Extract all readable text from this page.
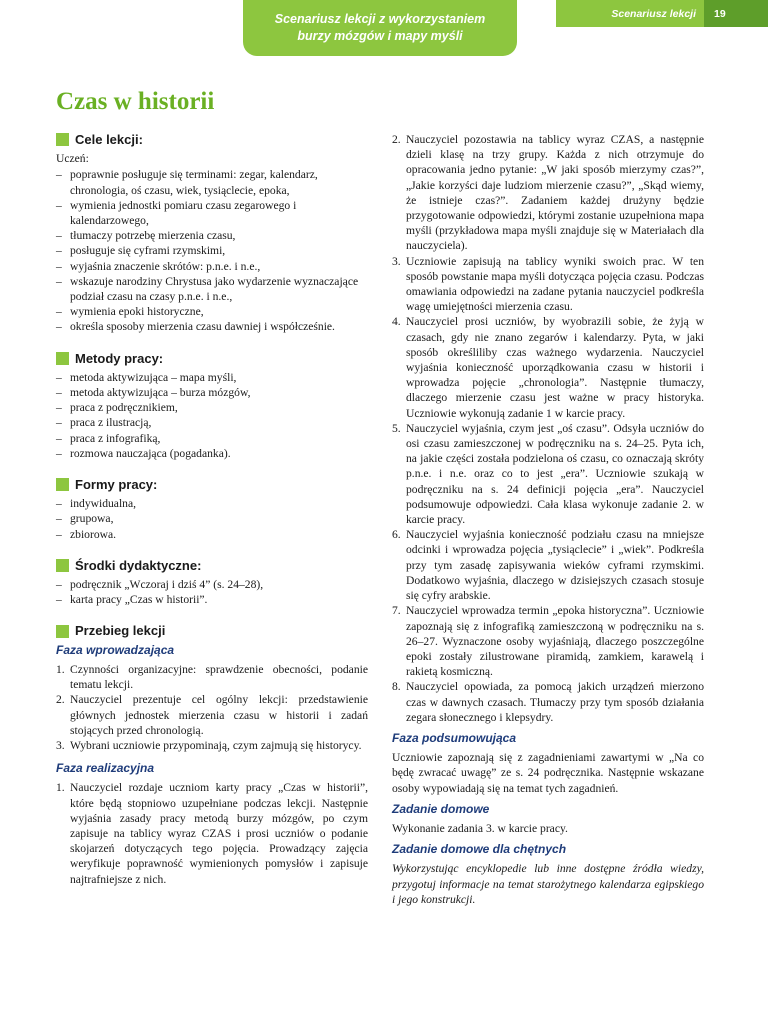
Scenariusz lekcji z wykorzystaniem
burzy mózgów i mapy myśli
Scenariusz lekcji	19
Czas w historii
Cele lekcji:
Uczeń:
– poprawnie posługuje się terminami: zegar, kalendarz, chronologia, oś czasu, wiek, tysiąclecie, epoka,
– wymienia jednostki pomiaru czasu zegarowego i kalendarzowego,
– tłumaczy potrzebę mierzenia czasu,
– posługuje się cyframi rzymskimi,
– wyjaśnia znaczenie skrótów: p.n.e. i n.e.,
– wskazuje narodziny Chrystusa jako wydarzenie wyznaczające podział czasu na czasy p.n.e. i n.e.,
– wymienia epoki historyczne,
– określa sposoby mierzenia czasu dawniej i współcześnie.
Metody pracy:
– metoda aktywizująca – mapa myśli,
– metoda aktywizująca – burza mózgów,
– praca z podręcznikiem,
– praca z ilustracją,
– praca z infografiką,
– rozmowa nauczająca (pogadanka).
Formy pracy:
– indywidualna,
– grupowa,
– zbiorowa.
Środki dydaktyczne:
– podręcznik „Wczoraj i dziś 4” (s. 24–28),
– karta pracy „Czas w historii”.
Przebieg lekcji
Faza wprowadzająca
1. Czynności organizacyjne: sprawdzenie obecności, podanie tematu lekcji.
2. Nauczyciel prezentuje cel ogólny lekcji: przedstawienie głównych jednostek mierzenia czasu w historii i zadań stojących przed chronologią.
3. Wybrani uczniowie przypominają, czym zajmują się historycy.
Faza realizacyjna
1. Nauczyciel rozdaje uczniom karty pracy „Czas w historii”, które będą stopniowo uzupełniane podczas lekcji. Następnie wyjaśnia zasady pracy metodą burzy mózgów, po czym zapisuje na tablicy wyraz CZAS i prosi uczniów o podanie skojarzeń dotyczących tego pojęcia. Prowadzący zajęcia weryfikuje poprawność wymienionych pomysłów i zapisuje najtrafniejsze z nich.
2. Nauczyciel pozostawia na tablicy wyraz CZAS, a następnie dzieli klasę na trzy grupy. Każda z nich otrzymuje do opracowania jedno pytanie: „W jaki sposób mierzymy czas?”, „Jakie korzyści daje ludziom mierzenie czasu?”, „Skąd wiemy, że istnieje czas?”. Zadaniem każdej drużyny będzie przygotowanie odpowiedzi, którymi zostanie uzupełniona mapa myśli (przykładowa mapa myśli znajduje się w Materiałach dla nauczyciela).
3. Uczniowie zapisują na tablicy wyniki swoich prac. W ten sposób powstanie mapa myśli dotycząca pojęcia czasu. Podczas omawiania odpowiedzi na zadane pytania nauczyciel podkreśla wagę umiejętności mierzenia czasu.
4. Nauczyciel prosi uczniów, by wyobrazili sobie, że żyją w czasach, gdy nie znano zegarów i kalendarzy. Pyta, w jaki sposób określiliby czas ważnego wydarzenia. Nauczyciel wyjaśnia konieczność uporządkowania czasu w historii i wprowadza pojęcie „chronologia”. Następnie tłumaczy, dlaczego mierzenie czasu jest ważne w pracy historyka. Uczniowie wykonują zadanie 1 w karcie pracy.
5. Nauczyciel wyjaśnia, czym jest „oś czasu”. Odsyła uczniów do osi czasu zamieszczonej w podręczniku na s. 24–25. Pyta ich, na jakie części została podzielona oś czasu, co oznaczają skróty p.n.e. i n.e. oraz co to jest „era”. Uczniowie szukają w podręczniku na s. 24 definicji pojęcia „era”. Nauczyciel podsumowuje odpowiedzi. Cała klasa wykonuje zadanie 2. w karcie pracy.
6. Nauczyciel wyjaśnia konieczność podziału czasu na mniejsze odcinki i wprowadza pojęcia „tysiąclecie” i „wiek”. Podkreśla przy tym zasadę zapisywania wieków cyframi rzymskimi. Dodatkowo wyjaśnia, dlaczego w dzisiejszych czasach stosuje się cyfry arabskie.
7. Nauczyciel wprowadza termin „epoka historyczna”. Uczniowie zapoznają się z infografiką zamieszczoną w podręczniku na s. 26–27. Wyznaczone osoby wyjaśniają, dlaczego poszczególne epoki zostały zilustrowane piramidą, zamkiem, karawelą i rakietą kosmiczną.
8. Nauczyciel opowiada, za pomocą jakich urządzeń mierzono czas w dawnych czasach. Tłumaczy przy tym sposób działania zegara słonecznego i klepsydry.
Faza podsumowująca
Uczniowie zapoznają się z zagadnieniami zawartymi w „Na co będę zwracać uwagę” ze s. 24 podręcznika. Następnie wskazane osoby wypowiadają się na temat tych zagadnień.
Zadanie domowe
Wykonanie zadania 3. w karcie pracy.
Zadanie domowe dla chętnych
Wykorzystując encyklopedie lub inne dostępne źródła wiedzy, przygotuj informacje na temat starożytnego kalendarza egipskiego i jego konstrukcji.
